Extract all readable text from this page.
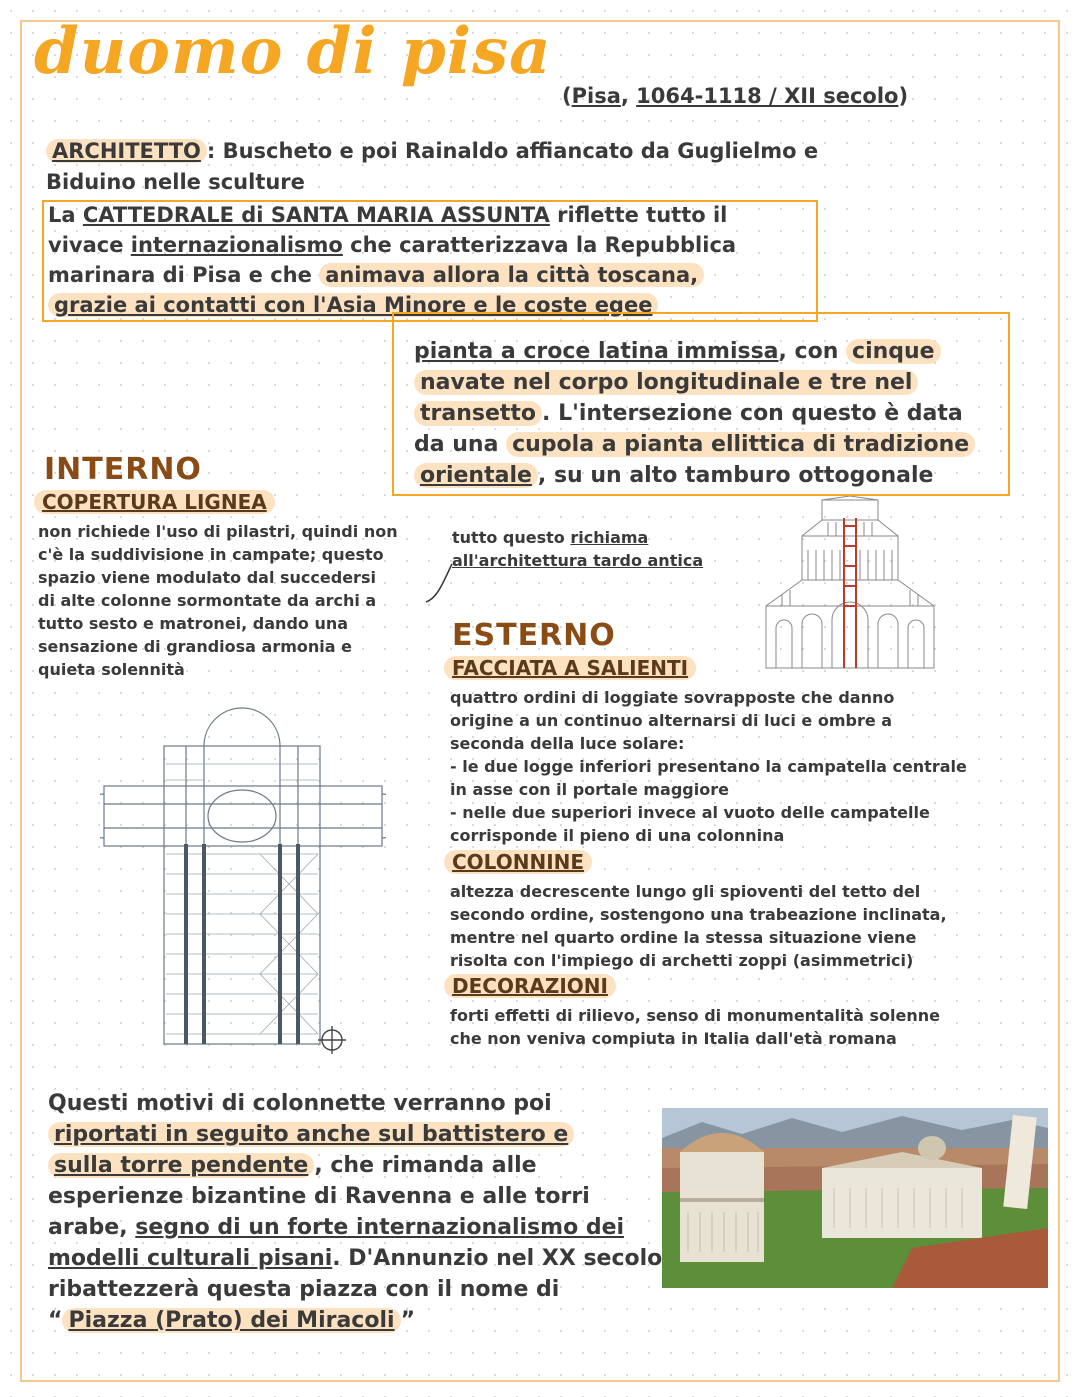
duomo di pisa
(Pisa, 1064-1118 / XII secolo)
ARCHITETTO : Buscheto e poi Rainaldo affiancato da Guglielmo e
Biduino nelle sculture
La CATTEDRALE di SANTA MARIA ASSUNTA riflette tutto il
vivace internazionalismo che caratterizzava la Repubblica
marinara di Pisa e che animava allora la città toscana,
grazie ai contatti con l'Asia Minore e le coste egee
pianta a croce latina immissa, con cinque
navate nel corpo longitudinale e tre nel
transetto . L'intersezione con questo è data
da una cupola a pianta ellittica di tradizione
orientale , su un alto tamburo ottogonale
INTERNO
COPERTURA LIGNEA
non richiede l'uso di pilastri, quindi non
c'è la suddivisione in campate; questo
spazio viene modulato dal succedersi
di alte colonne sormontate da archi a
tutto sesto e matronei, dando una
sensazione di grandiosa armonia e
quieta solennità
tutto questo richiama
all'architettura tardo antica
ESTERNO
FACCIATA A SALIENTI
quattro ordini di loggiate sovrapposte che danno
origine a un continuo alternarsi di luci e ombre a
seconda della luce solare:
- le due logge inferiori presentano la campatella centrale
in asse con il portale maggiore
- nelle due superiori invece al vuoto delle campatelle
corrisponde il pieno di una colonnina
COLONNINE
altezza decrescente lungo gli spioventi del tetto del
secondo ordine, sostengono una trabeazione inclinata,
mentre nel quarto ordine la stessa situazione viene
risolta con l'impiego di archetti zoppi (asimmetrici)
DECORAZIONI
forti effetti di rilievo, senso di monumentalità solenne
che non veniva compiuta in Italia dall'età romana
Questi motivi di colonnette verranno poi
riportati in seguito anche sul battistero e
sulla torre pendente , che rimanda alle
esperienze bizantine di Ravenna e alle torri
arabe, segno di un forte internazionalismo dei
modelli culturali pisani. D'Annunzio nel XX secolo
ribattezzerà questa piazza con il nome di
“ Piazza (Prato) dei Miracoli ”
